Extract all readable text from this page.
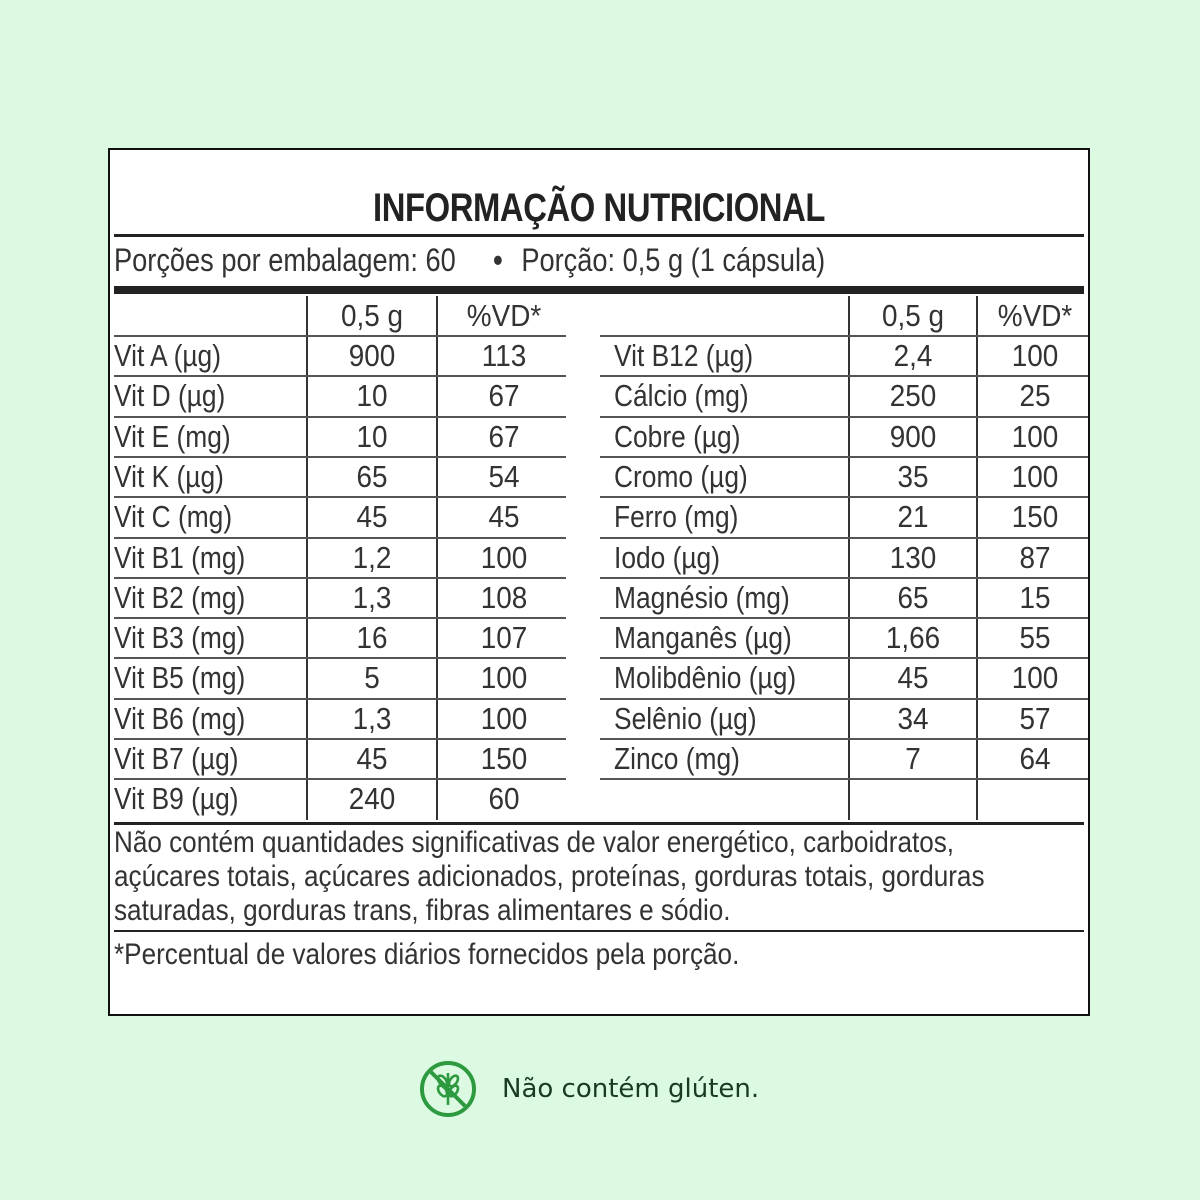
INFORMAÇÃO NUTRICIONAL
Porções por embalagem: 60 • Porção: 0,5 g (1 cápsula)
0,5 g	%VD*
Vit A (µg)	900	113
Vit D (µg)	10	67
Vit E (mg)	10	67
Vit K (µg)	65	54
Vit C (mg)	45	45
Vit B1 (mg)	1,2	100
Vit B2 (mg)	1,3	108
Vit B3 (mg)	16	107
Vit B5 (mg)	5	100
Vit B6 (mg)	1,3	100
Vit B7 (µg)	45	150
Vit B9 (µg)	240	60
0,5 g	%VD*
Vit B12 (µg)	2,4	100
Cálcio (mg)	250	25
Cobre (µg)	900	100
Cromo (µg)	35	100
Ferro (mg)	21	150
Iodo (µg)	130	87
Magnésio (mg)	65	15
Manganês (µg)	1,66	55
Molibdênio (µg)	45	100
Selênio (µg)	34	57
Zinco (mg)	7	64
Não contém quantidades significativas de valor energético, carboidratos,
açúcares totais, açúcares adicionados, proteínas, gorduras totais, gorduras
saturadas, gorduras trans, fibras alimentares e sódio.
*Percentual de valores diários fornecidos pela porção.
Não contém glúten.
